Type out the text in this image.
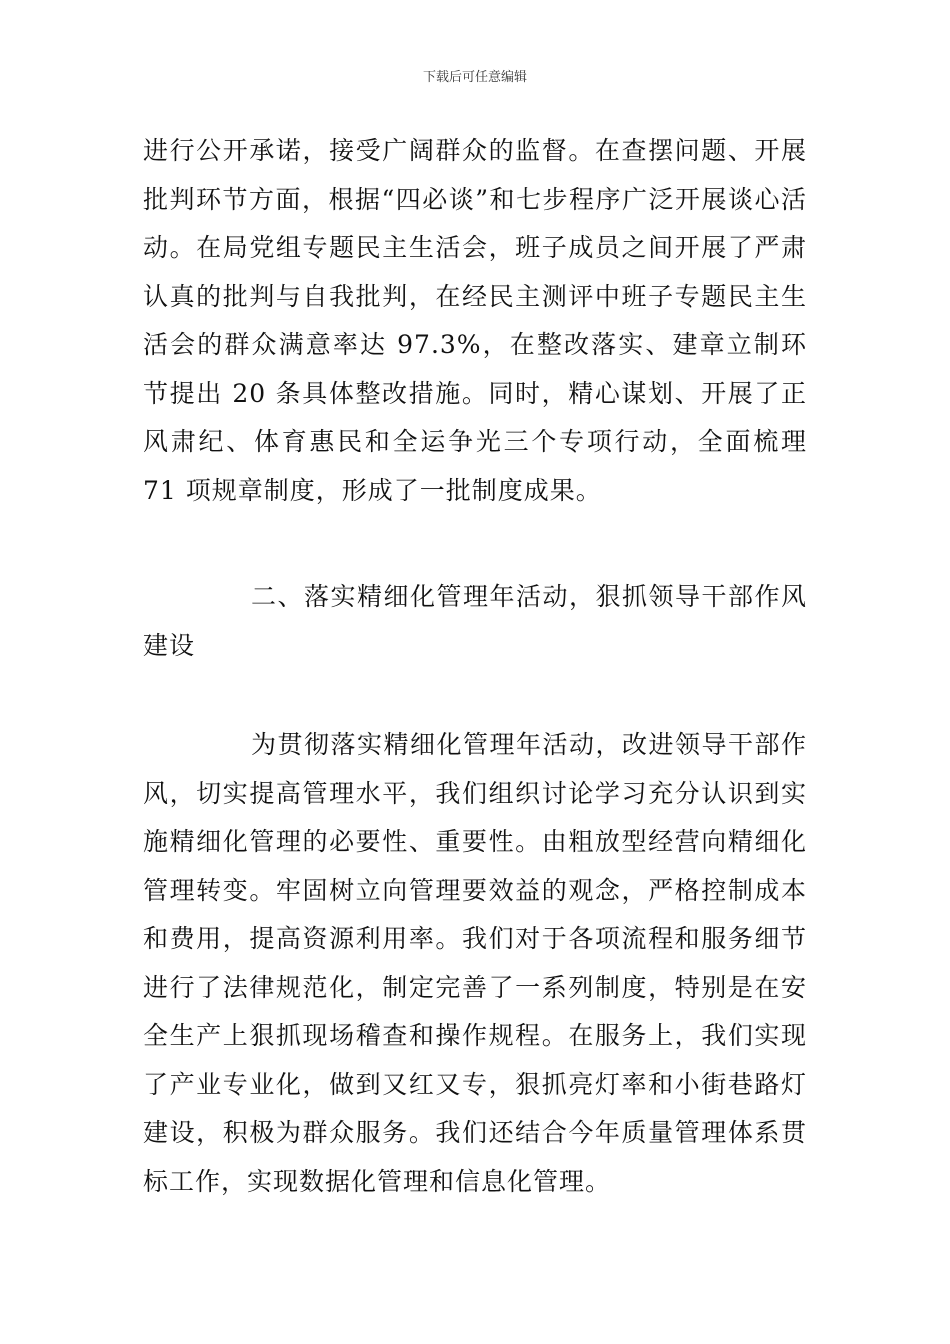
下载后可任意编辑

进行公开承诺，接受广阔群众的监督。在查摆问题、开展批判环节方面，根据“四必谈”和七步程序广泛开展谈心活动。在局党组专题民主生活会，班子成员之间开展了严肃认真的批判与自我批判，在经民主测评中班子专题民主生活会的群众满意率达 97.3%，在整改落实、建章立制环节提出 20 条具体整改措施。同时，精心谋划、开展了正风肃纪、体育惠民和全运争光三个专项行动，全面梳理 71 项规章制度，形成了一批制度成果。

二、落实精细化管理年活动，狠抓领导干部作风建设

为贯彻落实精细化管理年活动，改进领导干部作风，切实提高管理水平，我们组织讨论学习充分认识到实施精细化管理的必要性、重要性。由粗放型经营向精细化管理转变。牢固树立向管理要效益的观念，严格控制成本和费用，提高资源利用率。我们对于各项流程和服务细节进行了法律规范化，制定完善了一系列制度，特别是在安全生产上狠抓现场稽查和操作规程。在服务上，我们实现了产业专业化，做到又红又专，狠抓亮灯率和小街巷路灯建设，积极为群众服务。我们还结合今年质量管理体系贯标工作，实现数据化管理和信息化管理。
